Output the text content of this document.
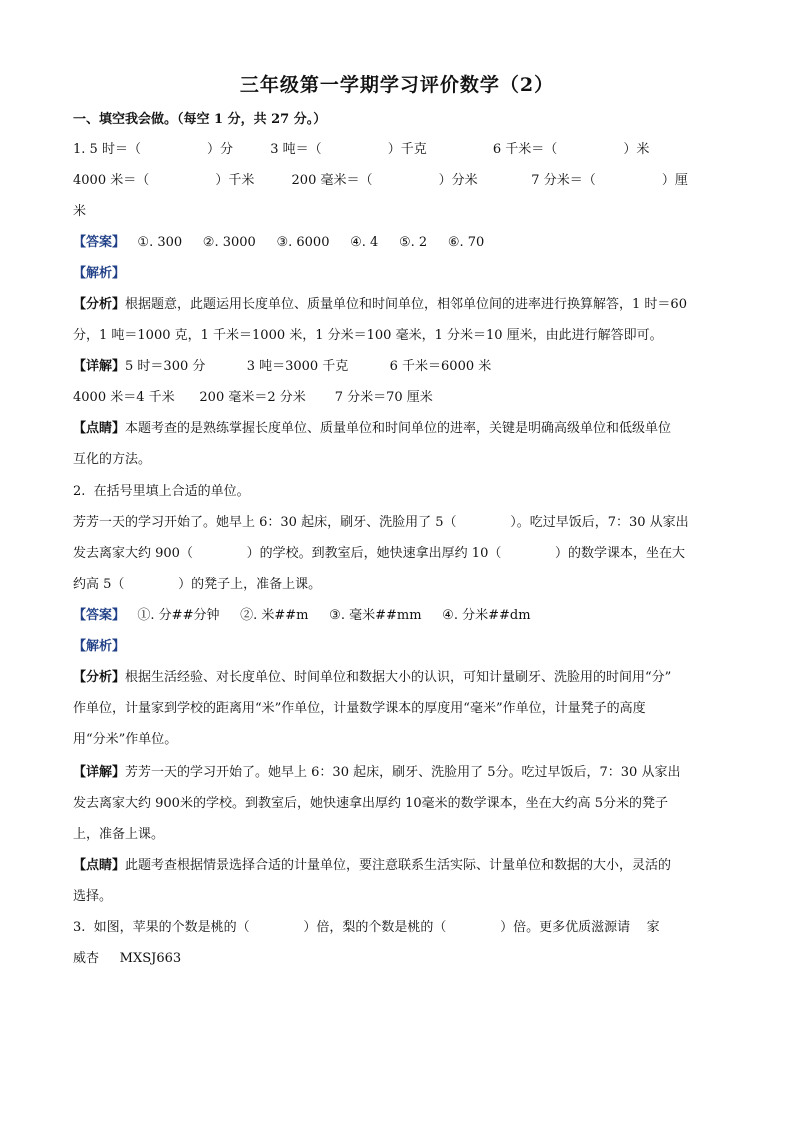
三年级第一学期学习评价数学（2）
一、填空我会做。（每空 1 分，共 27 分。）
1. 5 时＝（                ）分         3 吨＝（                ）千克                6 千米＝（                ）米
4000 米＝（                ）千米         200 毫米＝（                ）分米             7 分米＝（                ）厘
米
【答案】   ①. 300     ②. 3000     ③. 6000     ④. 4     ⑤. 2     ⑥. 70
【解析】
【分析】根据题意，此题运用长度单位、质量单位和时间单位，相邻单位间的进率进行换算解答，1 时＝60
分，1 吨＝1000 克，1 千米＝1000 米，1 分米＝100 毫米，1 分米＝10 厘米，由此进行解答即可。
【详解】5 时＝300 分          3 吨＝3000 千克          6 千米＝6000 米
4000 米＝4 千米      200 毫米＝2 分米       7 分米＝70 厘米
【点睛】本题考查的是熟练掌握长度单位、质量单位和时间单位的进率，关键是明确高级单位和低级单位
互化的方法。
2.  在括号里填上合适的单位。
芳芳一天的学习开始了。她早上 6：30 起床，刷牙、洗脸用了 5（             ）。吃过早饭后，7：30 从家出
发去离家大约 900（             ）的学校。到教室后，她快速拿出厚约 10（             ）的数学课本，坐在大
约高 5（             ）的凳子上，准备上课。
【答案】   ①. 分##分钟     ②. 米##m     ③. 毫米##mm     ④. 分米##dm
【解析】
【分析】根据生活经验、对长度单位、时间单位和数据大小的认识，可知计量刷牙、洗脸用的时间用“分”
作单位，计量家到学校的距离用“米”作单位，计量数学课本的厚度用“毫米”作单位，计量凳子的高度
用“分米”作单位。
【详解】芳芳一天的学习开始了。她早上 6：30 起床，刷牙、洗脸用了 5分。吃过早饭后，7：30 从家出
发去离家大约 900米的学校。到教室后，她快速拿出厚约 10毫米的数学课本，坐在大约高 5分米的凳子
上，准备上课。
【点睛】此题考查根据情景选择合适的计量单位，要注意联系生活实际、计量单位和数据的大小，灵活的
选择。
3.  如图，苹果的个数是桃的（             ）倍，梨的个数是桃的（             ）倍。更多优质滋源请    家
威杏     MXSJ663
